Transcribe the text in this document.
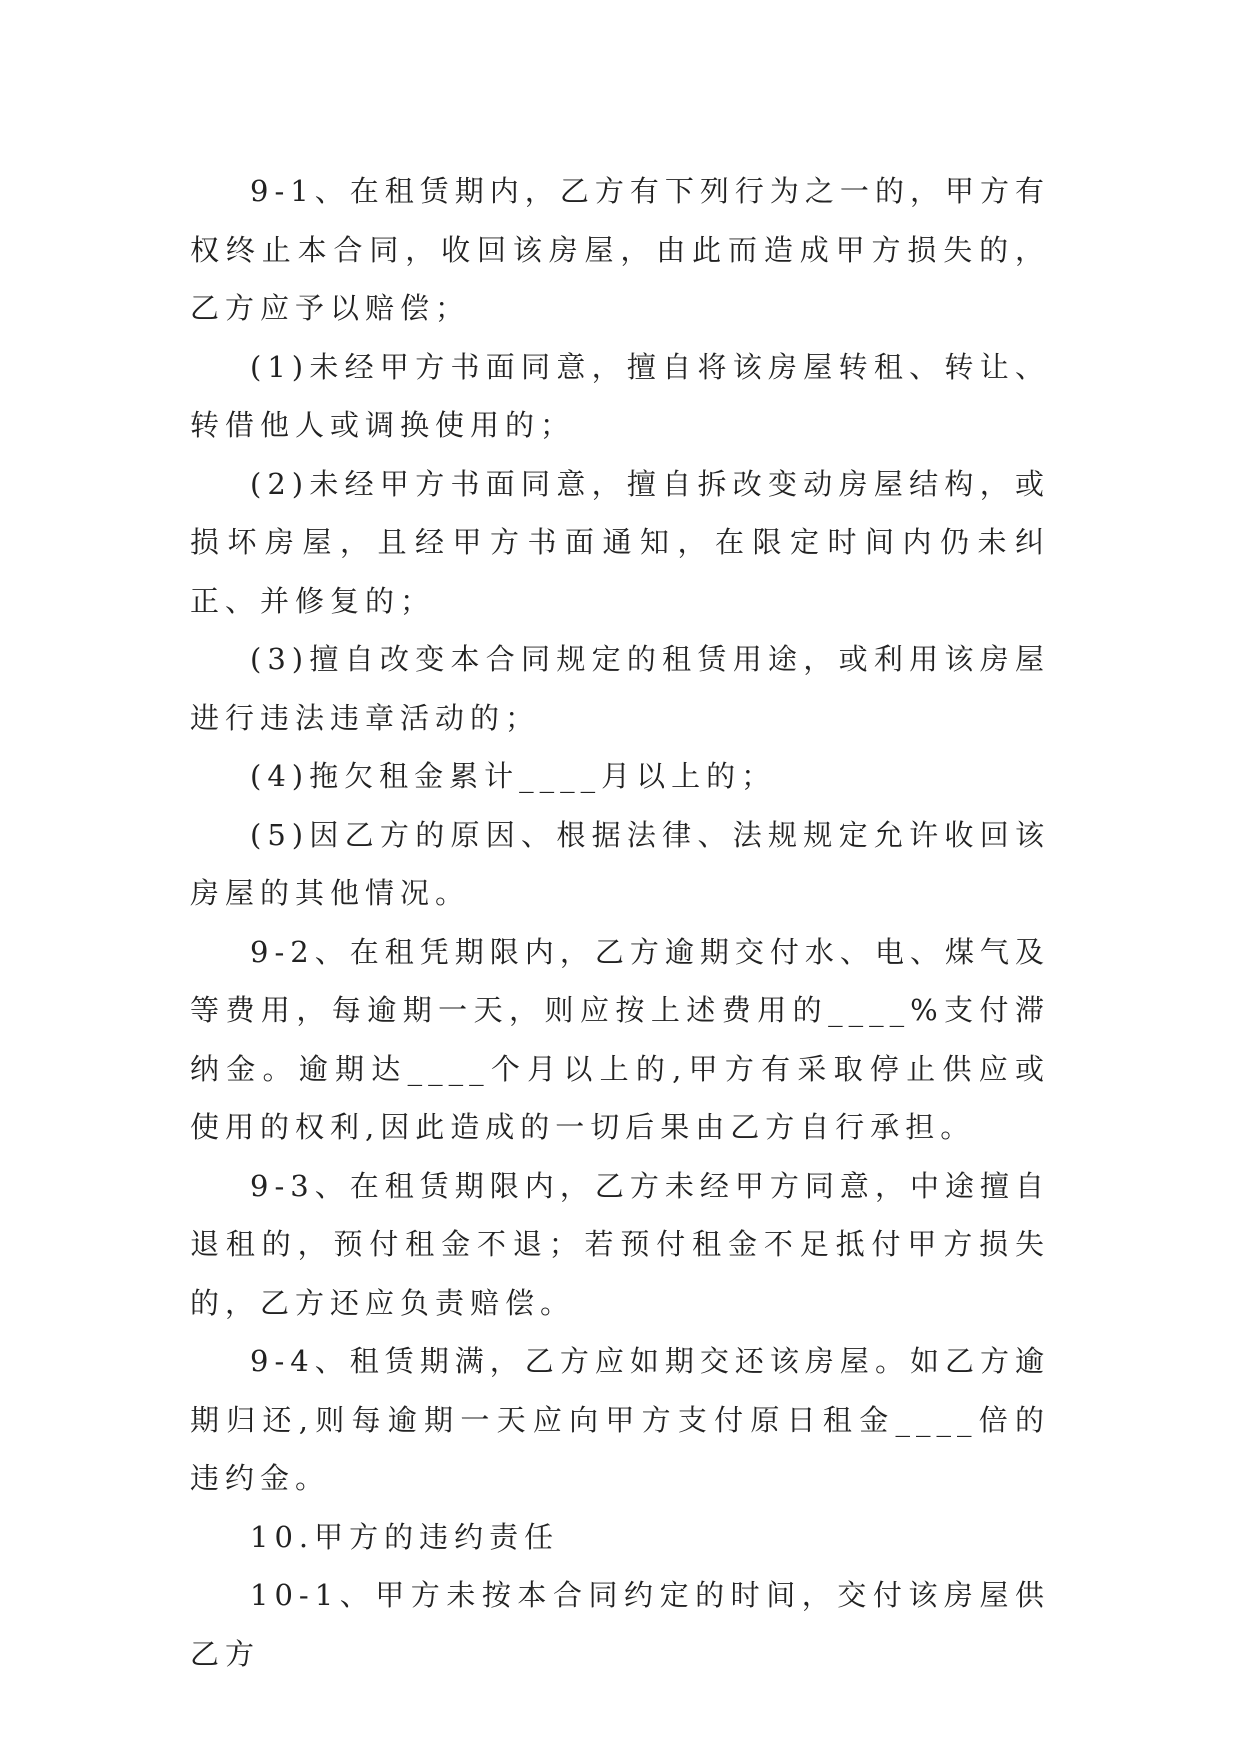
9-1、在租赁期内，乙方有下列行为之一的，甲方有权终止本合同，收回该房屋，由此而造成甲方损失的，乙方应予以赔偿；

(1)未经甲方书面同意，擅自将该房屋转租、转让、转借他人或调换使用的；

(2)未经甲方书面同意，擅自拆改变动房屋结构，或损坏房屋，且经甲方书面通知，在限定时间内仍未纠正、并修复的；

(3)擅自改变本合同规定的租赁用途，或利用该房屋进行违法违章活动的；

(4)拖欠租金累计____月以上的；

(5)因乙方的原因、根据法律、法规规定允许收回该房屋的其他情况。

9-2、在租凭期限内，乙方逾期交付水、电、煤气及等费用，每逾期一天，则应按上述费用的____%支付滞纳金。逾期达____个月以上的,甲方有采取停止供应或使用的权利,因此造成的一切后果由乙方自行承担。

9-3、在租赁期限内，乙方未经甲方同意，中途擅自退租的，预付租金不退；若预付租金不足抵付甲方损失的，乙方还应负责赔偿。

9-4、租赁期满，乙方应如期交还该房屋。如乙方逾期归还,则每逾期一天应向甲方支付原日租金____倍的违约金。

10.甲方的违约责任

10-1、甲方未按本合同约定的时间，交付该房屋供乙方
